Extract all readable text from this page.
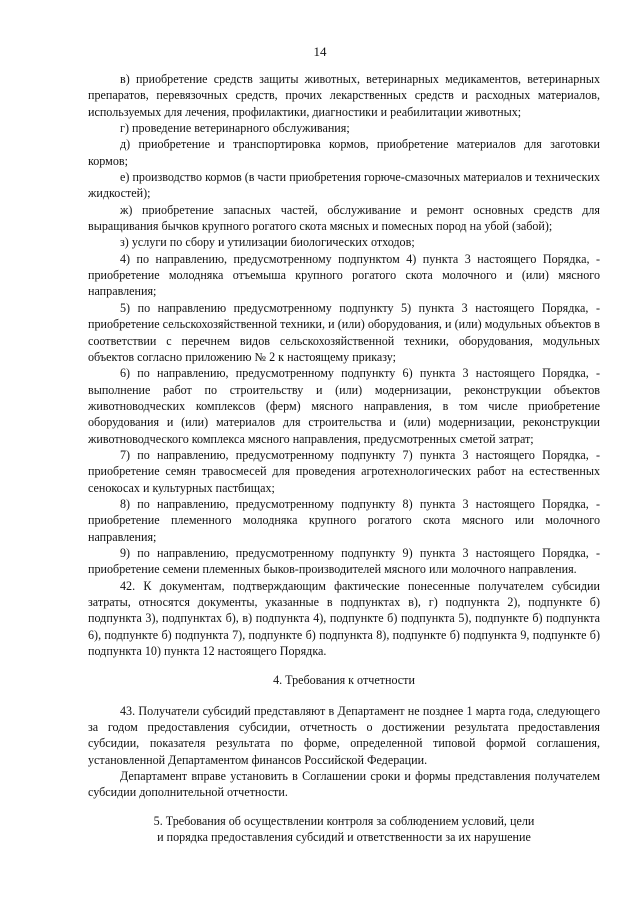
14

в) приобретение средств защиты животных, ветеринарных медикаментов, ветеринарных препаратов, перевязочных средств, прочих лекарственных средств и расходных материалов, используемых для лечения, профилактики, диагностики и реабилитации животных;

г) проведение ветеринарного обслуживания;

д) приобретение и транспортировка кормов, приобретение материалов для заготовки кормов;

е) производство кормов (в части приобретения горюче-смазочных материалов и технических жидкостей);

ж) приобретение запасных частей, обслуживание и ремонт основных средств для выращивания бычков крупного рогатого скота мясных и помесных пород на убой (забой);

з) услуги по сбору и утилизации биологических отходов;

4) по направлению, предусмотренному подпунктом 4) пункта 3 настоящего Порядка, - приобретение молодняка отъемыша крупного рогатого скота молочного и (или) мясного направления;

5) по направлению предусмотренному подпункту 5) пункта 3 настоящего Порядка, - приобретение сельскохозяйственной техники, и (или) оборудования, и (или) модульных объектов в соответствии с перечнем видов сельскохозяйственной техники, оборудования, модульных объектов согласно приложению № 2 к настоящему приказу;

6) по направлению, предусмотренному подпункту 6) пункта 3 настоящего Порядка, - выполнение работ по строительству и (или) модернизации, реконструкции объектов животноводческих комплексов (ферм) мясного направления, в том числе приобретение оборудования и (или) материалов для строительства и (или) модернизации, реконструкции животноводческого комплекса мясного направления, предусмотренных сметой затрат;

7) по направлению, предусмотренному подпункту 7) пункта 3 настоящего Порядка, - приобретение семян травосмесей для проведения агротехнологических работ на естественных сенокосах и культурных пастбищах;

8) по направлению, предусмотренному подпункту 8) пункта 3 настоящего Порядка, - приобретение племенного молодняка крупного рогатого скота мясного или молочного направления;

9) по направлению, предусмотренному подпункту 9) пункта 3 настоящего Порядка, - приобретение семени племенных быков-производителей мясного или молочного направления.

42. К документам, подтверждающим фактические понесенные получателем субсидии затраты, относятся документы, указанные в подпунктах в), г) подпункта 2), подпункте б) подпункта 3), подпунктах б), в) подпункта 4), подпункте б) подпункта 5), подпункте б) подпункта 6), подпункте б) подпункта 7), подпункте б) подпункта 8), подпункте б) подпункта 9, подпункте б) подпункта 10) пункта 12 настоящего Порядка.

4. Требования к отчетности

43. Получатели субсидий представляют в Департамент не позднее 1 марта года, следующего за годом предоставления субсидии, отчетность о достижении результата предоставления субсидии, показателя результата по форме, определенной типовой формой соглашения, установленной Департаментом финансов Российской Федерации.

Департамент вправе установить в Соглашении сроки и формы представления получателем субсидии дополнительной отчетности.

5. Требования об осуществлении контроля за соблюдением условий, цели

и порядка предоставления субсидий и ответственности за их нарушение
